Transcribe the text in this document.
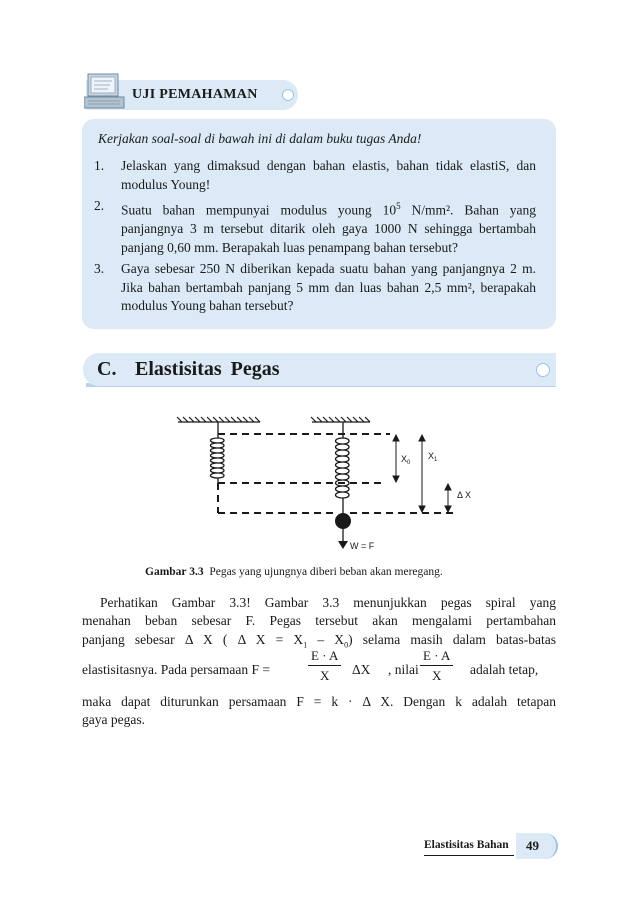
UJI PEMAHAMAN
Kerjakan soal-soal di bawah ini di dalam buku tugas Anda!
1.	Jelaskan yang dimaksud dengan bahan elastis, bahan tidak elastiS, dan modulus Young!
2.	Suatu bahan mempunyai modulus young $10^5$ N/mm². Bahan yang panjangnya 3 m tersebut ditarik oleh gaya 1000 N sehingga bertambah panjang 0,60 mm. Berapakah luas penampang bahan tersebut?
3.	Gaya sebesar 250 N diberikan kepada suatu bahan yang panjangnya 2 m. Jika bahan bertambah panjang 5 mm dan luas bahan 2,5 mm², berapakah modulus Young bahan tersebut?
C. Elastisitas Pegas
$X_0$
$X_1$
Δ X
W = F
Gambar 3.3 Pegas yang ujungnya diberi beban akan meregang.
Perhatikan Gambar 3.3! Gambar 3.3 menunjukkan pegas spiral yang
menahan beban sebesar F. Pegas tersebut akan mengalami pertambahan
panjang sebesar Δ X ( Δ $X = X_1 - X_0$) selama masih dalam batas-batas
elastisitasnya. Pada persamaan F =	$\frac{E \cdot A}{X}$ ΔX , nilai $\frac{E \cdot A}{X}$ adalah tetap,
maka dapat diturunkan persamaan F = k · Δ X. Dengan k adalah tetapan
gaya pegas.
Elastisitas Bahan 49
